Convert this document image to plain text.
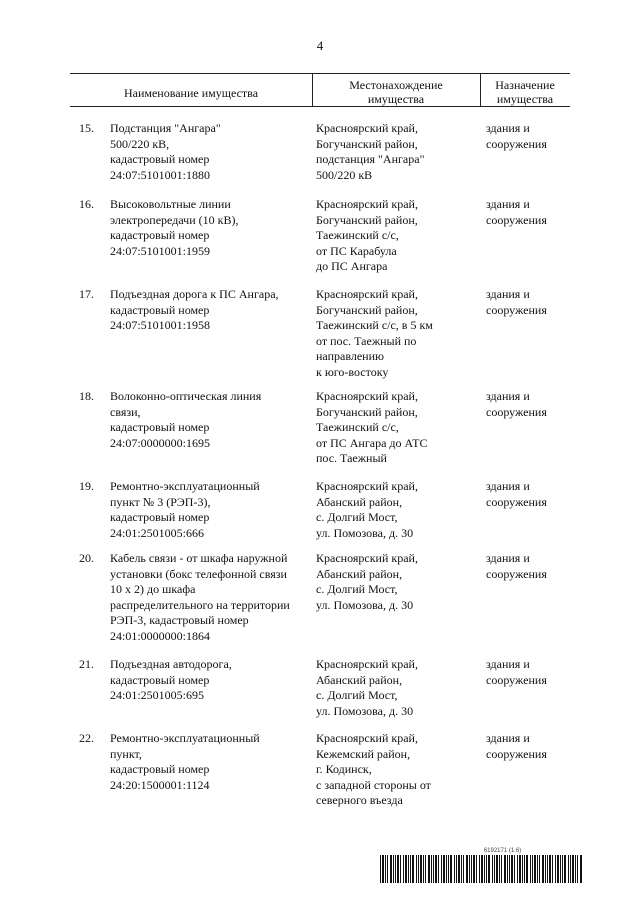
4
Наименование имущества
Местонахождение
имущества
Назначение
имущества
15. Подстанция "Ангара"
500/220 кВ,
кадастровый номер
24:07:5101001:1880
Красноярский край,
Богучанский район,
подстанция "Ангара"
500/220 кВ
здания и
сооружения
16. Высоковольтные линии
электропередачи (10 кВ),
кадастровый номер
24:07:5101001:1959
Красноярский край,
Богучанский район,
Таежинский с/с,
от ПС Карабула
до ПС Ангара
здания и
сооружения
17. Подъездная дорога к ПС Ангара,
кадастровый номер
24:07:5101001:1958
Красноярский край,
Богучанский район,
Таежинский с/с, в 5 км
от пос. Таежный по
направлению
к юго-востоку
здания и
сооружения
18. Волоконно-оптическая линия
связи,
кадастровый номер
24:07:0000000:1695
Красноярский край,
Богучанский район,
Таежинский с/с,
от ПС Ангара до АТС
пос. Таежный
здания и
сооружения
19. Ремонтно-эксплуатационный
пункт № 3 (РЭП-3),
кадастровый номер
24:01:2501005:666
Красноярский край,
Абанский район,
с. Долгий Мост,
ул. Помозова, д. 30
здания и
сооружения
20. Кабель связи - от шкафа наружной
установки (бокс телефонной связи
10 х 2) до шкафа
распределительного на территории
РЭП-3, кадастровый номер
24:01:0000000:1864
Красноярский край,
Абанский район,
с. Долгий Мост,
ул. Помозова, д. 30
здания и
сооружения
21. Подъездная автодорога,
кадастровый номер
24:01:2501005:695
Красноярский край,
Абанский район,
с. Долгий Мост,
ул. Помозова, д. 30
здания и
сооружения
22. Ремонтно-эксплуатационный
пункт,
кадастровый номер
24:20:1500001:1124
Красноярский край,
Кежемский район,
г. Кодинск,
с западной стороны от
северного въезда
здания и
сооружения
6192171 (1.6)
